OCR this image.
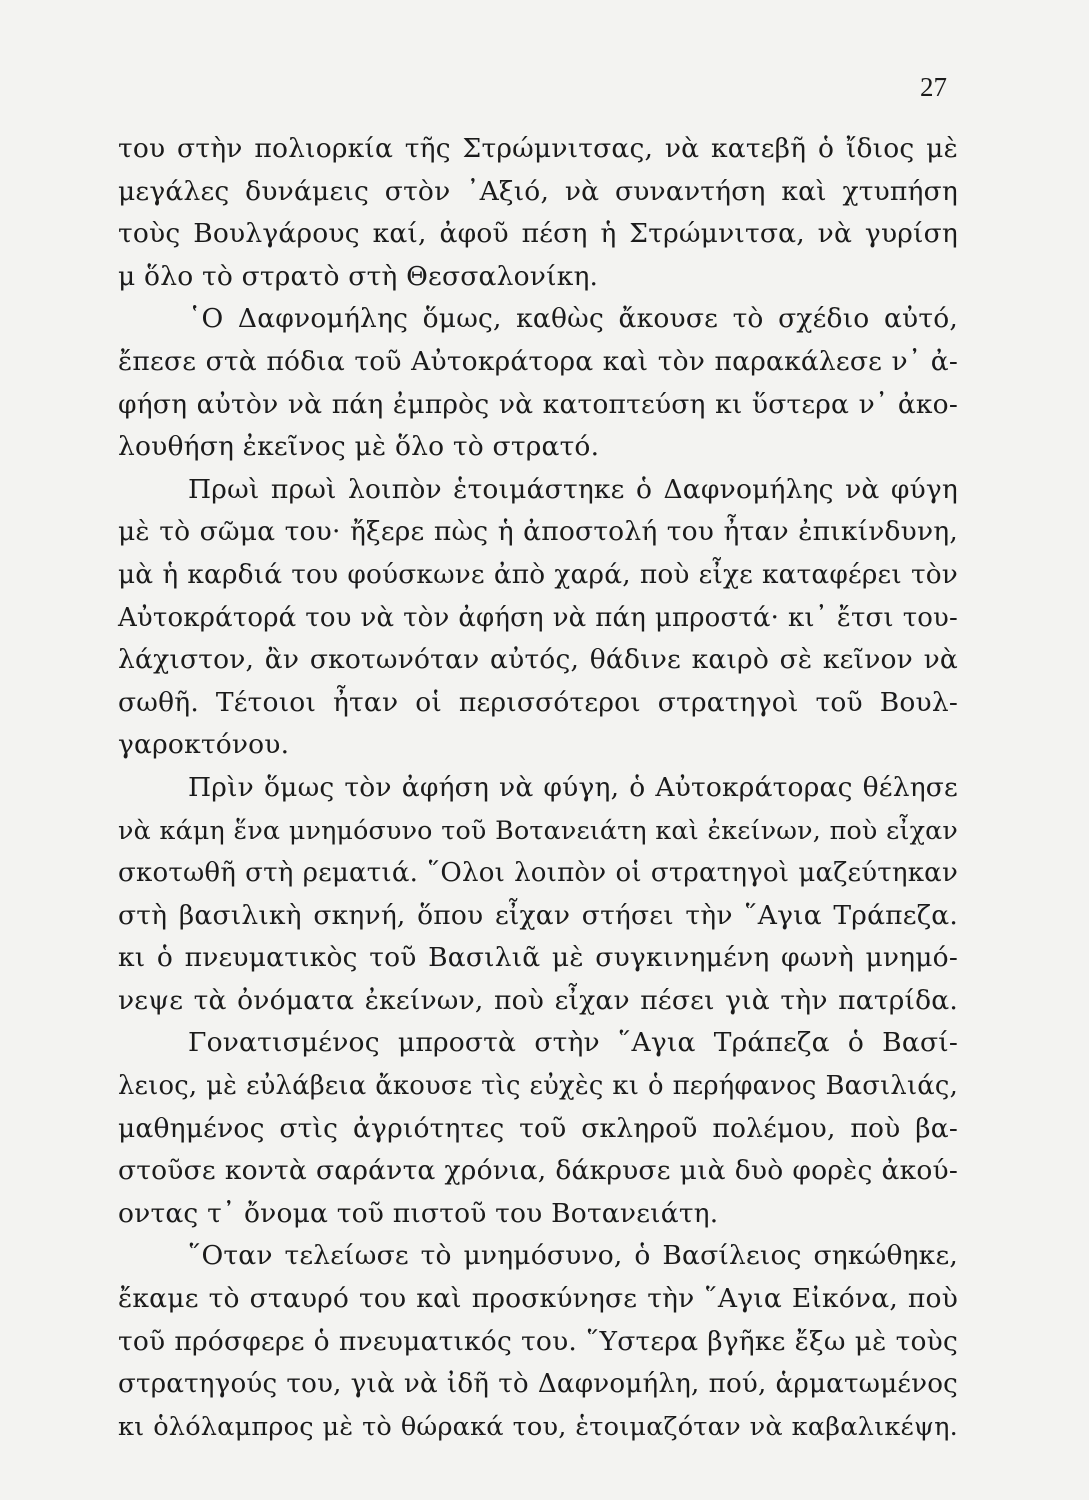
27
του στὴν πολιορκία τῆς Στρώμνιτσας, νὰ κατεβῆ ὁ ἴδιος μὲ
μεγάλες δυνάμεις στὸν ᾿Αξιό, νὰ συναντήση καὶ χτυπήση
τοὺς Βουλγάρους καί, ἀφοῦ πέση ἡ Στρώμνιτσα, νὰ γυρίση
μ ὅλο τὸ στρατὸ στὴ Θεσσαλονίκη.
῾Ο Δαφνομήλης ὅμως, καθὼς ἄκουσε τὸ σχέδιο αὐτό,
ἔπεσε στὰ πόδια τοῦ Αὐτοκράτορα καὶ τὸν παρακάλεσε ν᾿ ἀ-
φήση αὐτὸν νὰ πάη ἐμπρὸς νὰ κατοπτεύση κι ὕστερα ν᾿ ἀκο-
λουθήση ἐκεῖνος μὲ ὅλο τὸ στρατό.
Πρωὶ πρωὶ λοιπὸν ἑτοιμάστηκε ὁ Δαφνομήλης νὰ φύγη
μὲ τὸ σῶμα του· ἤξερε πὼς ἡ ἀποστολή του ἦταν ἐπικίνδυνη,
μὰ ἡ καρδιά του φούσκωνε ἀπὸ χαρά, ποὺ εἶχε καταφέρει τὸν
Αὐτοκράτορά του νὰ τὸν ἀφήση νὰ πάη μπροστά· κι᾿ ἔτσι του-
λάχιστον, ἂν σκοτωνόταν αὐτός, θάδινε καιρὸ σὲ κεῖνον νὰ
σωθῆ. Τέτοιοι ἦταν οἱ περισσότεροι στρατηγοὶ τοῦ Βουλ-
γαροκτόνου.
Πρὶν ὅμως τὸν ἀφήση νὰ φύγη, ὁ Αὐτοκράτορας θέλησε
νὰ κάμη ἕνα μνημόσυνο τοῦ Βοτανειάτη καὶ ἐκείνων, ποὺ εἶχαν
σκοτωθῆ στὴ ρεματιά. ῞Ολοι λοιπὸν οἱ στρατηγοὶ μαζεύτηκαν
στὴ βασιλικὴ σκηνή, ὅπου εἶχαν στήσει τὴν ῞Αγια Τράπεζα.
κι ὁ πνευματικὸς τοῦ Βασιλιᾶ μὲ συγκινημένη φωνὴ μνημό-
νεψε τὰ ὀνόματα ἐκείνων, ποὺ εἶχαν πέσει γιὰ τὴν πατρίδα.
Γονατισμένος μπροστὰ στὴν ῞Αγια Τράπεζα ὁ Βασί-
λειος, μὲ εὐλάβεια ἄκουσε τὶς εὐχὲς κι ὁ περήφανος Βασιλιάς,
μαθημένος στὶς ἀγριότητες τοῦ σκληροῦ πολέμου, ποὺ βα-
στοῦσε κοντὰ σαράντα χρόνια, δάκρυσε μιὰ δυὸ φορὲς ἀκού-
οντας τ᾿ ὄνομα τοῦ πιστοῦ του Βοτανειάτη.
῞Οταν τελείωσε τὸ μνημόσυνο, ὁ Βασίλειος σηκώθηκε,
ἔκαμε τὸ σταυρό του καὶ προσκύνησε τὴν ῞Αγια Εἰκόνα, ποὺ
τοῦ πρόσφερε ὁ πνευματικός του. ῞Υστερα βγῆκε ἔξω μὲ τοὺς
στρατηγούς του, γιὰ νὰ ἰδῆ τὸ Δαφνομήλη, πού, ἁρματωμένος
κι ὁλόλαμπρος μὲ τὸ θώρακά του, ἑτοιμαζόταν νὰ καβαλικέψη.
